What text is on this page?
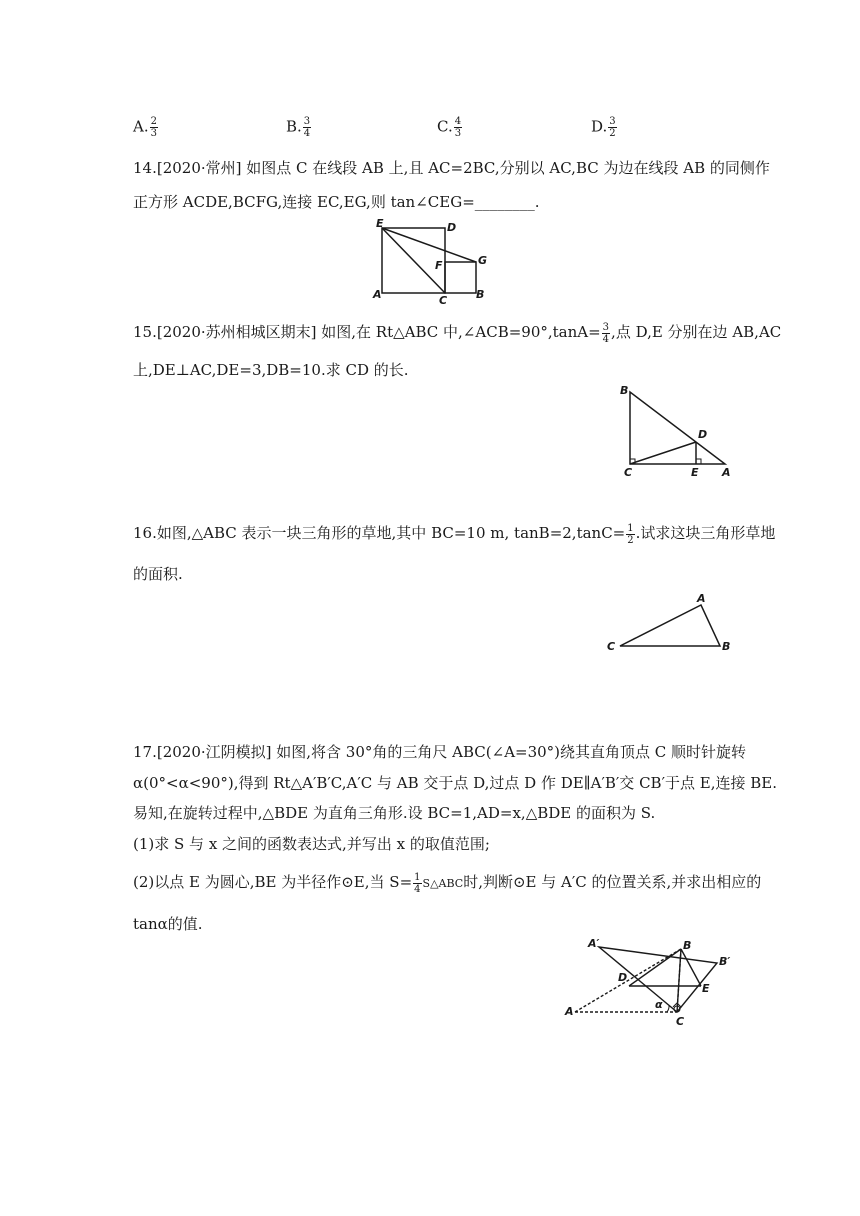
A. $\frac{2}{3}$	B. $\frac{3}{4}$	C. $\frac{4}{3}$	D. $\frac{3}{2}$
14.[2020·常州] 如图点 C 在线段 AB 上,且 AC=2BC,分别以 AC,BC 为边在线段 AB 的同侧作
正方形 ACDE,BCFG,连接 EC,EG,则 tan∠CEG=________.
E	D
F	G
A	C	B
15.[2020·苏州相城区期末] 如图,在 Rt△ABC 中,∠ACB=90°,tanA= $\frac{3}{4}$ ,点 D,E 分别在边 AB,AC
上,DE⊥AC,DE=3,DB=10.求 CD 的长.
B
D
C	E A
16.如图,△ABC 表示一块三角形的草地,其中 BC=10 m, $\tan B=2,\tan C= \frac{1}{2}$ .试求这块三角形草地
的面积.
A
C	B
17.[2020·江阴模拟] 如图,将含 30°角的三角尺 ABC(∠A=30°)绕其直角顶点 C 顺时针旋转
α(0°<α<90°),得到 Rt△A′B′C,A′C 与 AB 交于点 D,过点 D 作 DE∥A′B′交 CB′于点 E,连接 BE.
易知,在旋转过程中,△BDE 为直角三角形.设 BC=1,AD=x,△BDE 的面积为 S.
(1)求 S 与 x 之间的函数表达式,并写出 x 的取值范围;
(2)以点 E 为圆心,BE 为半径作⊙E,当 $S= \frac{1}{4}$ S△ABC时,判断⊙E 与 A′C 的位置关系,并求出相应的
tanα的值.
A′	B
B′
D
E
A
C
α
